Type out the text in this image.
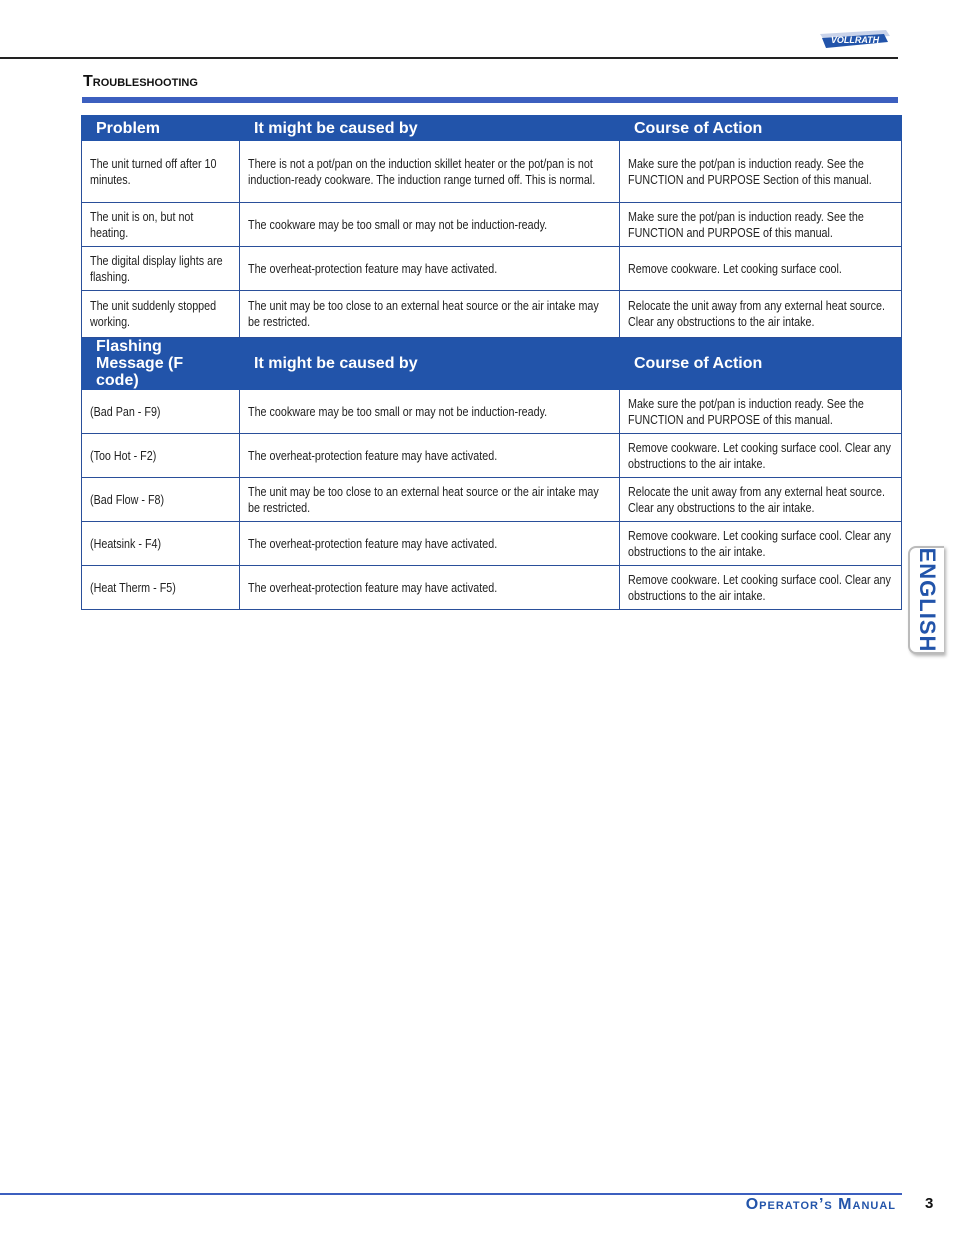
VOLLRATH
Troubleshooting
Problem	It might be caused by	Course of Action
The unit turned off after 10 minutes.	There is not a pot/pan on the induction skillet heater or the pot/pan is not induction-ready cookware. The induction range turned off. This is normal.	Make sure the pot/pan is induction ready. See the FUNCTION and PURPOSE Section of this manual.
The unit is on, but not heating.	The cookware may be too small or may not be induction-ready.	Make sure the pot/pan is induction ready. See the FUNCTION and PURPOSE of this manual.
The digital display lights are flashing.	The overheat-protection feature may have activated.	Remove cookware. Let cooking surface cool.
The unit suddenly stopped working.	The unit may be too close to an external heat source or the air intake may be restricted.	Relocate the unit away from any external heat source. Clear any obstructions to the air intake.
Flashing Message (F code)	It might be caused by	Course of Action
(Bad Pan - F9)	The cookware may be too small or may not be induction-ready.	Make sure the pot/pan is induction ready. See the FUNCTION and PURPOSE of this manual.
(Too Hot - F2)	The overheat-protection feature may have activated.	Remove cookware. Let cooking surface cool. Clear any obstructions to the air intake.
(Bad Flow - F8)	The unit may be too close to an external heat source or the air intake may be restricted.	Relocate the unit away from any external heat source. Clear any obstructions to the air intake.
(Heatsink - F4)	The overheat-protection feature may have activated.	Remove cookware. Let cooking surface cool. Clear any obstructions to the air intake.
(Heat Therm - F5)	The overheat-protection feature may have activated.	Remove cookware. Let cooking surface cool. Clear any obstructions to the air intake.	ENGLISH
Operator’s Manual 3
